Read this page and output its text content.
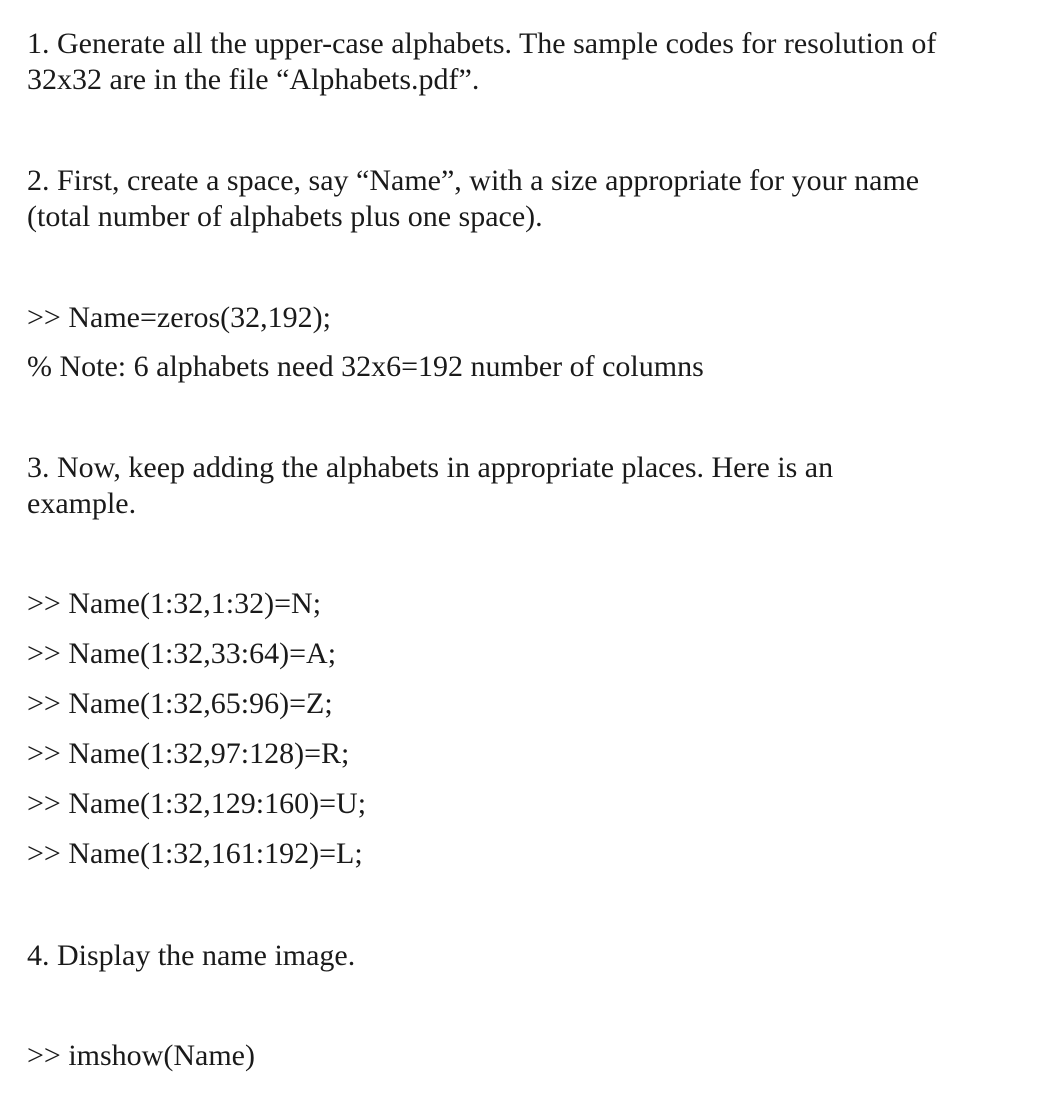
1. Generate all the upper-case alphabets. The sample codes for resolution of

32x32 are in the file “Alphabets.pdf”.

2. First, create a space, say “Name”, with a size appropriate for your name

(total number of alphabets plus one space).

>> Name=zeros(32,192);

% Note: 6 alphabets need 32x6=192 number of columns

3. Now, keep adding the alphabets in appropriate places. Here is an

example.

>> Name(1:32,1:32)=N;

>> Name(1:32,33:64)=A;

>> Name(1:32,65:96)=Z;

>> Name(1:32,97:128)=R;

>> Name(1:32,129:160)=U;

>> Name(1:32,161:192)=L;

4. Display the name image.

>> imshow(Name)
